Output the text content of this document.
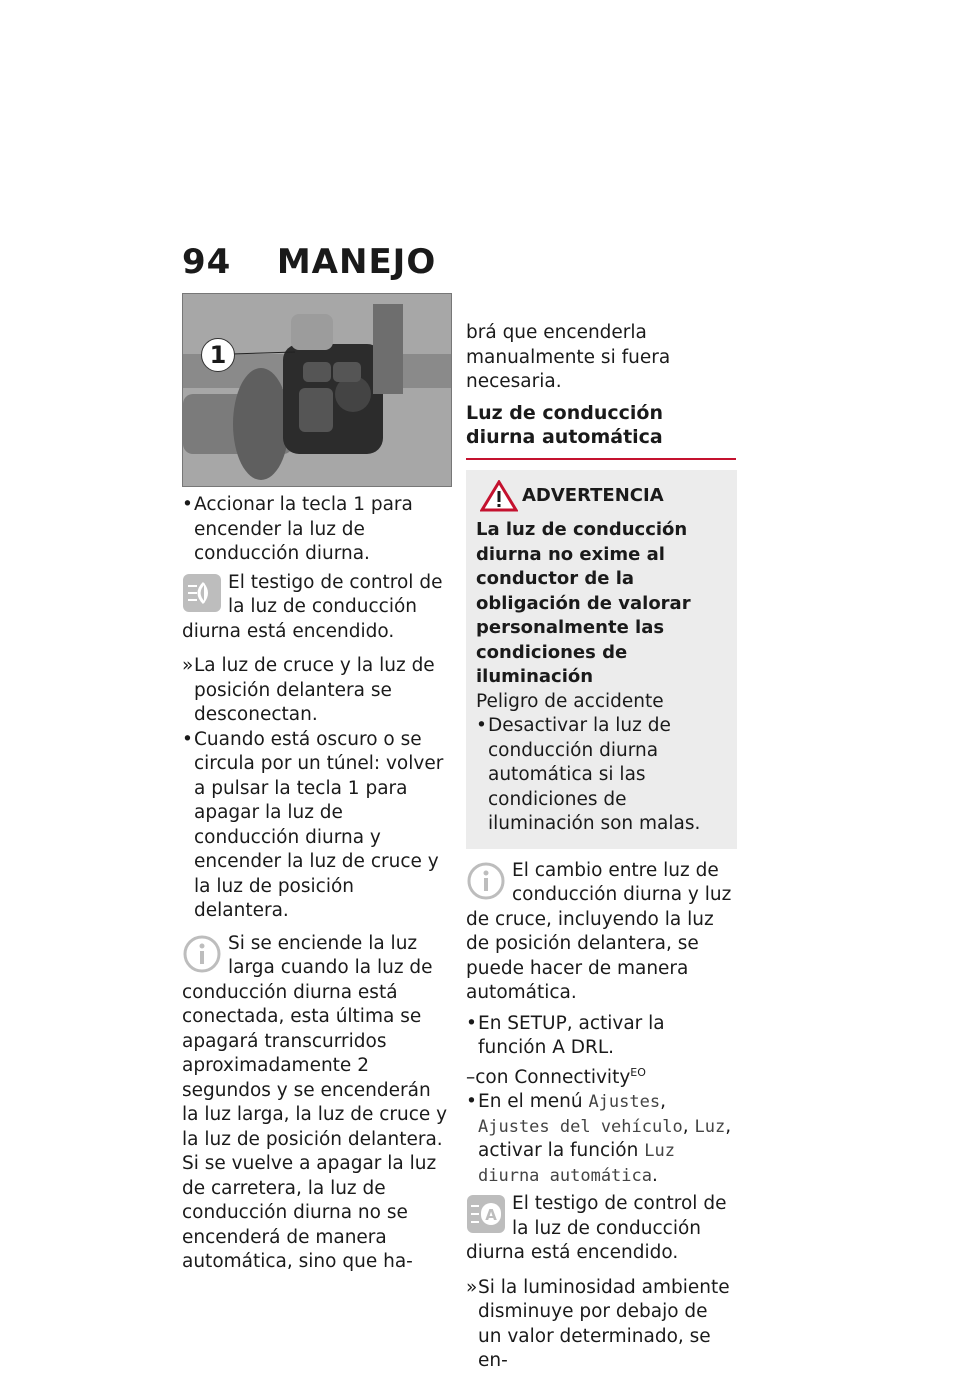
94 MANEJO
1

• Accionar la tecla 1 para encender la luz de conducción diurna.

El testigo de control de la luz de conducción diurna está encendido.

» La luz de cruce y la luz de posición delantera se desconectan.

• Cuando está oscuro o se circula por un túnel: volver a pulsar la tecla 1 para apagar la luz de conducción diurna y encender la luz de cruce y la luz de posición delantera.

Si se enciende la luz larga cuando la luz de conducción diurna está conectada, esta última se apagará transcurridos aproximadamente 2 segundos y se encenderán la luz larga, la luz de cruce y la luz de posición delantera.

Si se vuelve a apagar la luz de carretera, la luz de conducción diurna no se encenderá de manera automática, sino que ha-

brá que encenderla manualmente si fuera necesaria.

Luz de conducción diurna automática
ADVERTENCIA
La luz de conducción diurna no exime al conductor de la obligación de valorar personalmente las condiciones de iluminación

Peligro de accidente

• Desactivar la luz de conducción diurna automática si las condiciones de iluminación son malas.

El cambio entre luz de conducción diurna y luz de cruce, incluyendo la luz de posición delantera, se puede hacer de manera automática.

• En SETUP, activar la función A DRL.

–con Connectivity$^{EO}$

• En el menú Ajustes, Ajustes del vehículo, Luz, activar la función Luz diurna automática.

A
El testigo de control de la luz de conducción diurna está encendido.

» Si la luminosidad ambiente disminuye por debajo de un valor determinado, se en-
